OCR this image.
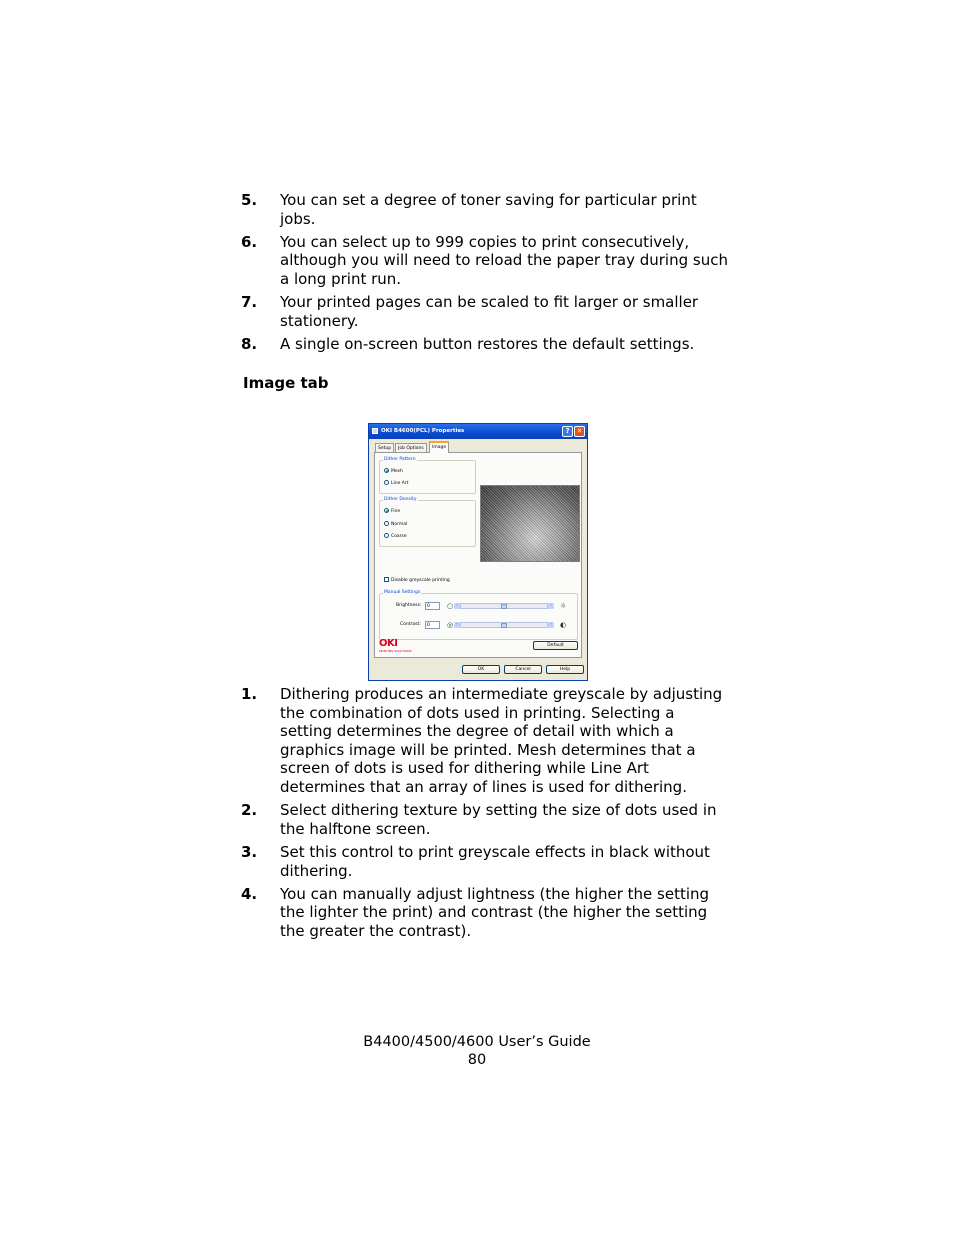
5.	You can set a degree of toner saving for particular print jobs.
6.	You can select up to 999 copies to print consecutively, although you will need to reload the paper tray during such a long print run.
7.	Your printed pages can be scaled to fit larger or smaller stationery.
8.	A single on-screen button restores the default settings.
Image tab
OKI B4600(PCL) Properties	?	✕
Setup	Job Options	Image
Dither Pattern
Mesh
Line Art
Dither Density
Fine
Normal
Coarse
Disable greyscale printing
Manual Settings
Brightness:	0	○ ‹	› ☼
Contrast:	0	◎ ‹	› ◐
Default
OKI
PRINTING SOLUTIONS
OK	Cancel	Help
1.	Dithering produces an intermediate greyscale by adjusting the combination of dots used in printing. Selecting a setting determines the degree of detail with which a graphics image will be printed. Mesh determines that a screen of dots is used for dithering while Line Art determines that an array of lines is used for dithering.
2.	Select dithering texture by setting the size of dots used in the halftone screen.
3.	Set this control to print greyscale effects in black without dithering.
4.	You can manually adjust lightness (the higher the setting the lighter the print) and contrast (the higher the setting the greater the contrast).
B4400/4500/4600 User’s Guide
80
